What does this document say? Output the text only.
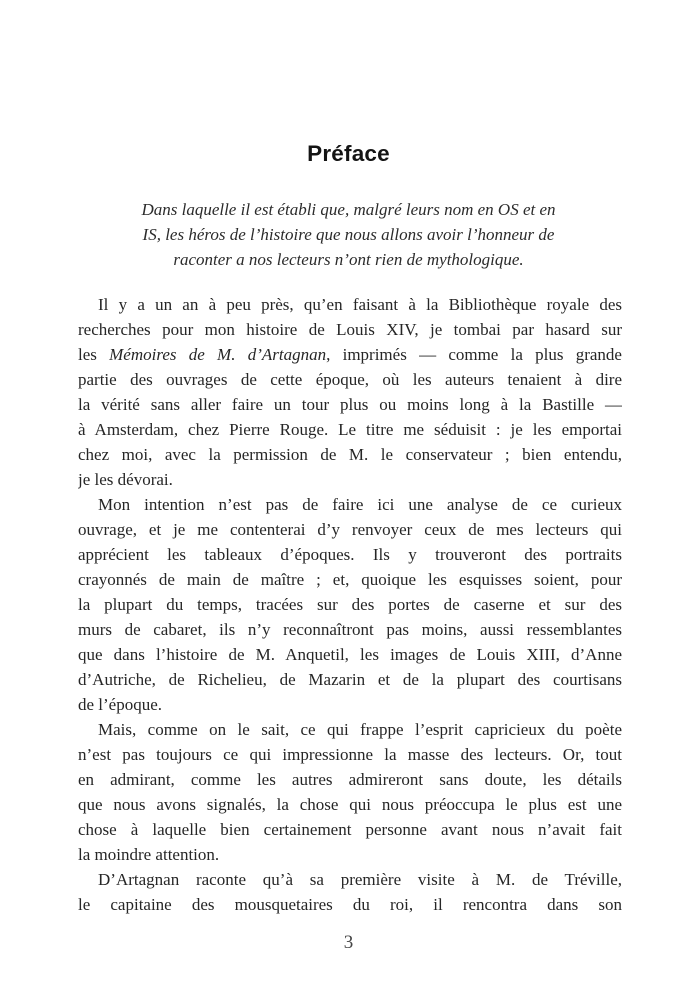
Préface
Dans laquelle il est établi que, malgré leurs nom en OS et en
IS, les héros de l’histoire que nous allons avoir l’honneur de
raconter a nos lecteurs n’ont rien de mythologique.
Il y a un an à peu près, qu’en faisant à la Bibliothèque royale des
recherches pour mon histoire de Louis XIV, je tombai par hasard sur
les Mémoires de M. d’Artagnan, imprimés — comme la plus grande
partie des ouvrages de cette époque, où les auteurs tenaient à dire
la vérité sans aller faire un tour plus ou moins long à la Bastille —
à Amsterdam, chez Pierre Rouge. Le titre me séduisit : je les emportai
chez moi, avec la permission de M. le conservateur ; bien entendu,
je les dévorai.
Mon intention n’est pas de faire ici une analyse de ce curieux
ouvrage, et je me contenterai d’y renvoyer ceux de mes lecteurs qui
apprécient les tableaux d’époques. Ils y trouveront des portraits
crayonnés de main de maître ; et, quoique les esquisses soient, pour
la plupart du temps, tracées sur des portes de caserne et sur des
murs de cabaret, ils n’y reconnaîtront pas moins, aussi ressemblantes
que dans l’histoire de M. Anquetil, les images de Louis XIII, d’Anne
d’Autriche, de Richelieu, de Mazarin et de la plupart des courtisans
de l’époque.
Mais, comme on le sait, ce qui frappe l’esprit capricieux du poète
n’est pas toujours ce qui impressionne la masse des lecteurs. Or, tout
en admirant, comme les autres admireront sans doute, les détails
que nous avons signalés, la chose qui nous préoccupa le plus est une
chose à laquelle bien certainement personne avant nous n’avait fait
la moindre attention.
D’Artagnan raconte qu’à sa première visite à M. de Tréville,
le capitaine des mousquetaires du roi, il rencontra dans son
3
